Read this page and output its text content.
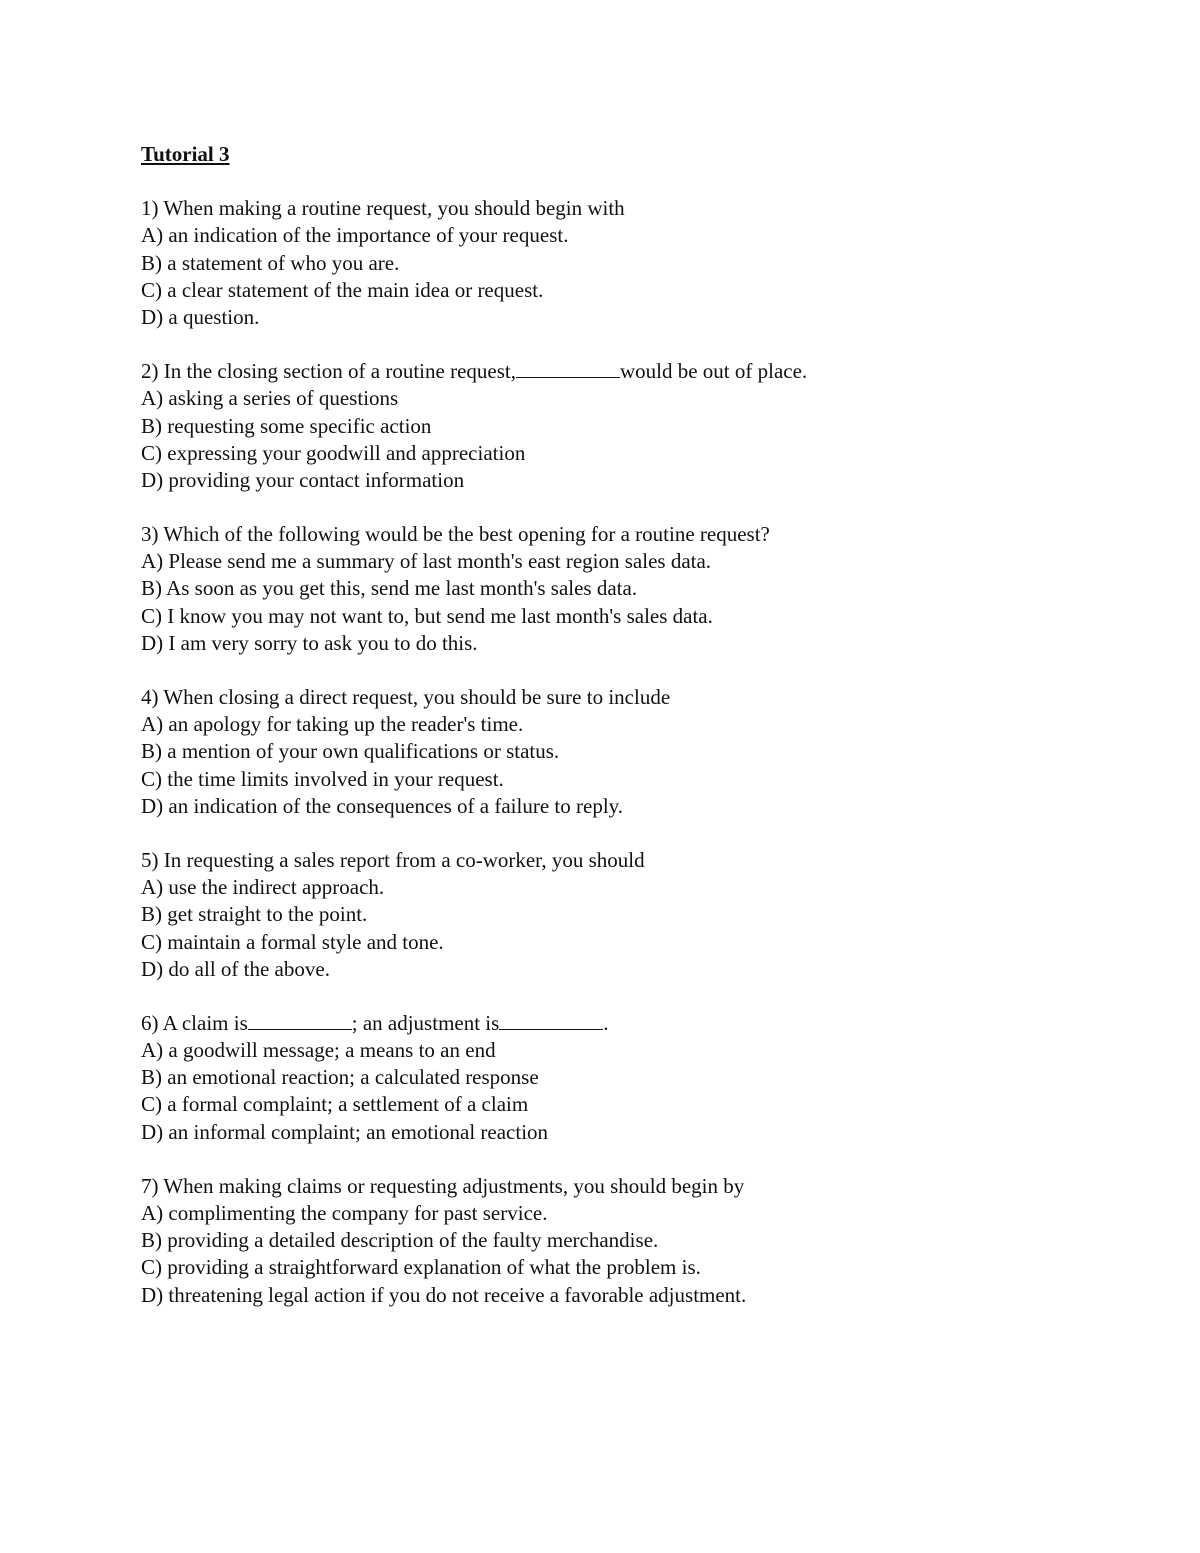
Tutorial 3
1) When making a routine request, you should begin with
A) an indication of the importance of your request.
B) a statement of who you are.
C) a clear statement of the main idea or request.
D) a question.
2) In the closing section of a routine request,	would be out of place.
A) asking a series of questions
B) requesting some specific action
C) expressing your goodwill and appreciation
D) providing your contact information
3) Which of the following would be the best opening for a routine request?
A) Please send me a summary of last month's east region sales data.
B) As soon as you get this, send me last month's sales data.
C) I know you may not want to, but send me last month's sales data.
D) I am very sorry to ask you to do this.
4) When closing a direct request, you should be sure to include
A) an apology for taking up the reader's time.
B) a mention of your own qualifications or status.
C) the time limits involved in your request.
D) an indication of the consequences of a failure to reply.
5) In requesting a sales report from a co-worker, you should
A) use the indirect approach.
B) get straight to the point.
C) maintain a formal style and tone.
D) do all of the above.
6) A claim is	; an adjustment is	.
A) a goodwill message; a means to an end
B) an emotional reaction; a calculated response
C) a formal complaint; a settlement of a claim
D) an informal complaint; an emotional reaction
7) When making claims or requesting adjustments, you should begin by
A) complimenting the company for past service.
B) providing a detailed description of the faulty merchandise.
C) providing a straightforward explanation of what the problem is.
D) threatening legal action if you do not receive a favorable adjustment.
